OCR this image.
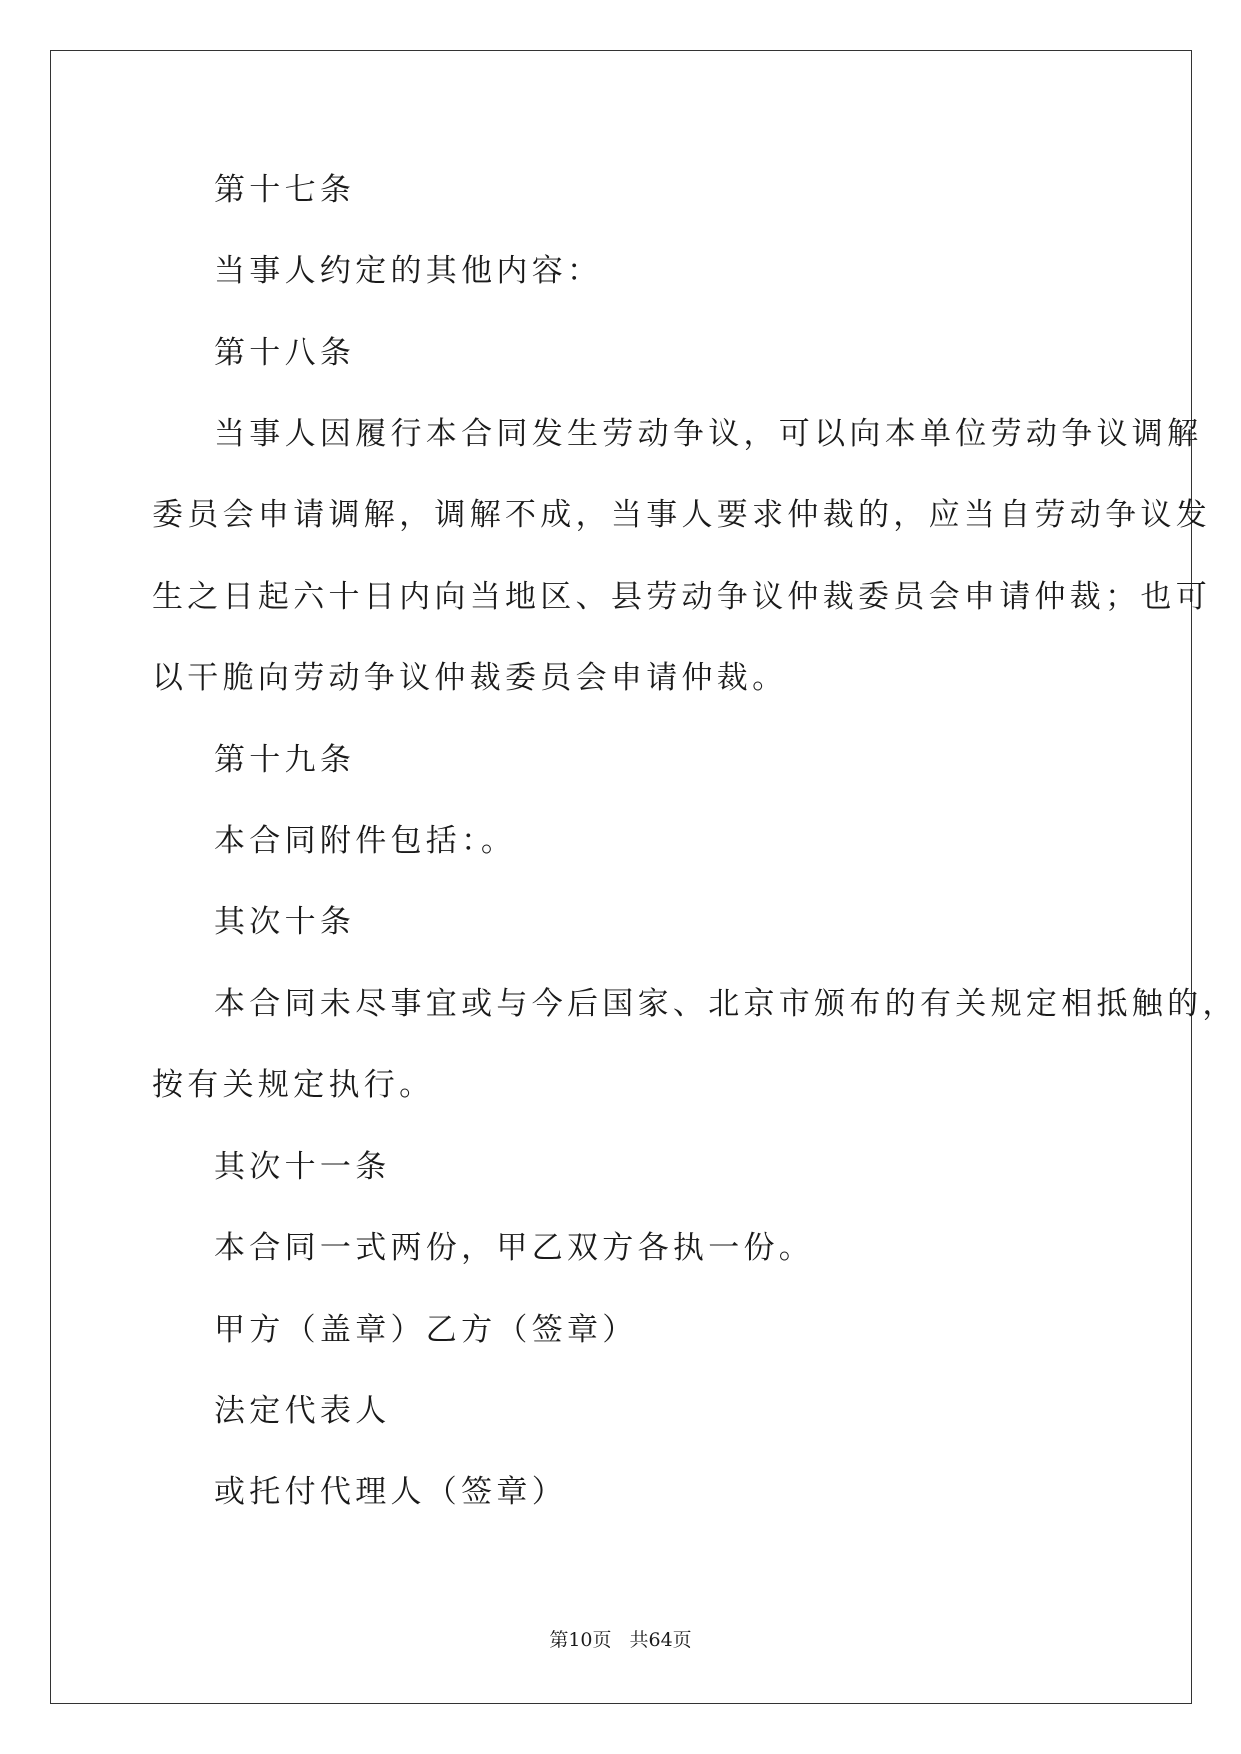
第十七条
当事人约定的其他内容：
第十八条
当事人因履行本合同发生劳动争议，可以向本单位劳动争议调解
委员会申请调解，调解不成，当事人要求仲裁的，应当自劳动争议发
生之日起六十日内向当地区、县劳动争议仲裁委员会申请仲裁；也可
以干脆向劳动争议仲裁委员会申请仲裁。
第十九条
本合同附件包括：。
其次十条
本合同未尽事宜或与今后国家、北京市颁布的有关规定相抵触的，
按有关规定执行。
其次十一条
本合同一式两份，甲乙双方各执一份。
甲方（盖章）乙方（签章）
法定代表人
或托付代理人（签章）
第10页 共64页
